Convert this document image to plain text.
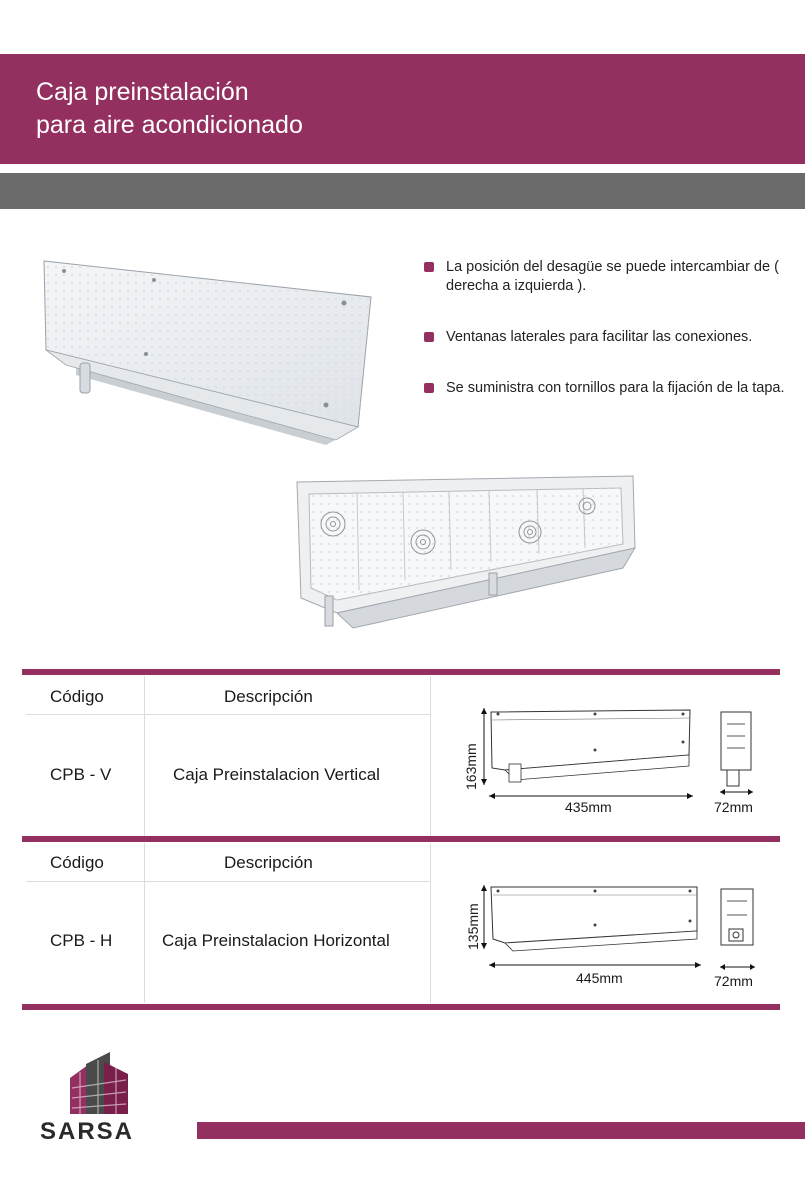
Caja preinstalación
para aire acondicionado
La posición del desagüe se puede intercambiar de ( derecha a izquierda ).
Ventanas laterales para facilitar las conexiones.
Se suministra con tornillos para la fijación de la tapa.
Código	Descripción
CPB - V	Caja Preinstalacion Vertical	163mm
435mm	72mm
Código	Descripción
CPB - H	Caja Preinstalacion Horizontal	135mm
445mm	72mm
SARSA
